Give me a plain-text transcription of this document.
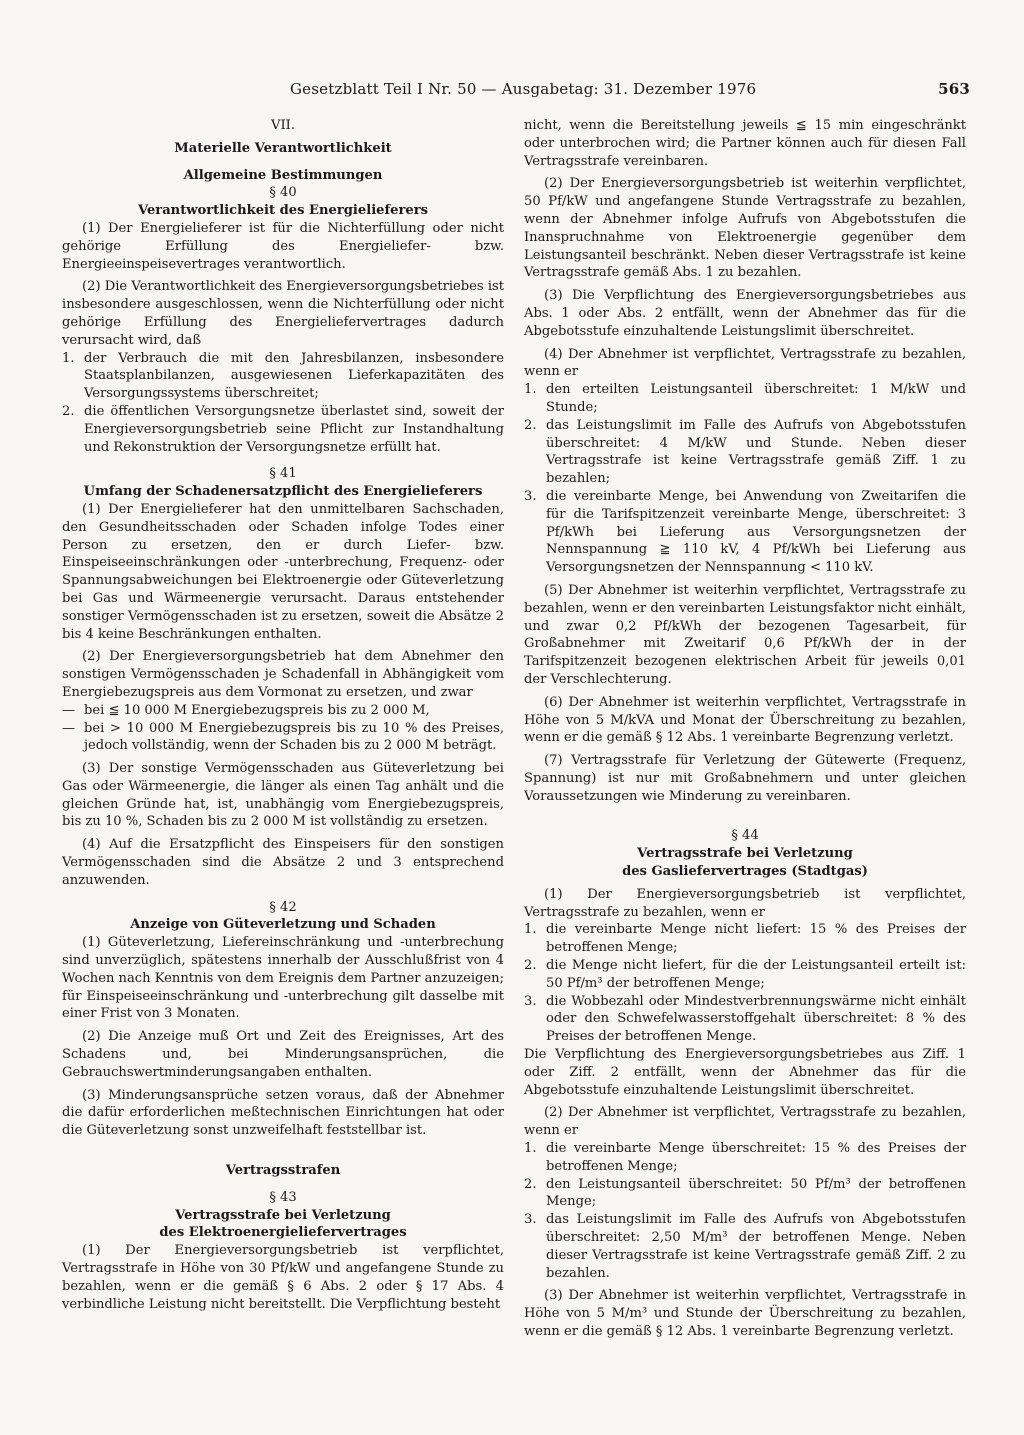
Gesetzblatt Teil I Nr. 50 — Ausgabetag: 31. Dezember 1976	563

VII.

Materielle Verantwortlichkeit

Allgemeine Bestimmungen

§ 40

Verantwortlichkeit des Energielieferers

(1) Der Energielieferer ist für die Nichterfüllung oder nicht gehörige Erfüllung des Energieliefer- bzw. Energieeinspeisevertrages verantwortlich.

(2) Die Verantwortlichkeit des Energieversorgungsbetriebes ist insbesondere ausgeschlossen, wenn die Nichterfüllung oder nicht gehörige Erfüllung des Energieliefervertrages dadurch verursacht wird, daß

1. der Verbrauch die mit den Jahresbilanzen, insbesondere Staatsplanbilanzen, ausgewiesenen Lieferkapazitäten des Versorgungssystems überschreitet;

2. die öffentlichen Versorgungsnetze überlastet sind, soweit der Energieversorgungsbetrieb seine Pflicht zur Instandhaltung und Rekonstruktion der Versorgungsnetze erfüllt hat.

§ 41

Umfang der Schadenersatzpflicht des Energielieferers

(1) Der Energielieferer hat den unmittelbaren Sachschaden, den Gesundheitsschaden oder Schaden infolge Todes einer Person zu ersetzen, den er durch Liefer- bzw. Einspeiseeinschränkungen oder -unterbrechung, Frequenz- oder Spannungsabweichungen bei Elektroenergie oder Güteverletzung bei Gas und Wärmeenergie verursacht. Daraus entstehender sonstiger Vermögensschaden ist zu ersetzen, soweit die Absätze 2 bis 4 keine Beschränkungen enthalten.

(2) Der Energieversorgungsbetrieb hat dem Abnehmer den sonstigen Vermögensschaden je Schadenfall in Abhängigkeit vom Energiebezugspreis aus dem Vormonat zu ersetzen, und zwar

— bei ≦ 10 000 M Energiebezugspreis bis zu 2 000 M,

— bei > 10 000 M Energiebezugspreis bis zu 10 % des Preises, jedoch vollständig, wenn der Schaden bis zu 2 000 M beträgt.

(3) Der sonstige Vermögensschaden aus Güteverletzung bei Gas oder Wärmeenergie, die länger als einen Tag anhält und die gleichen Gründe hat, ist, unabhängig vom Energiebezugspreis, bis zu 10 %, Schaden bis zu 2 000 M ist vollständig zu ersetzen.

(4) Auf die Ersatzpflicht des Einspeisers für den sonstigen Vermögensschaden sind die Absätze 2 und 3 entsprechend anzuwenden.

§ 42

Anzeige von Güteverletzung und Schaden

(1) Güteverletzung, Liefereinschränkung und -unterbrechung sind unverzüglich, spätestens innerhalb der Ausschlußfrist von 4 Wochen nach Kenntnis von dem Ereignis dem Partner anzuzeigen; für Einspeiseeinschränkung und -unterbrechung gilt dasselbe mit einer Frist von 3 Monaten.

(2) Die Anzeige muß Ort und Zeit des Ereignisses, Art des Schadens und, bei Minderungsansprüchen, die Gebrauchswertminderungsangaben enthalten.

(3) Minderungsansprüche setzen voraus, daß der Abnehmer die dafür erforderlichen meßtechnischen Einrichtungen hat oder die Güteverletzung sonst unzweifelhaft feststellbar ist.

Vertragsstrafen

§ 43

Vertragsstrafe bei Verletzung

des Elektroenergieliefervertrages

(1) Der Energieversorgungsbetrieb ist verpflichtet, Vertragsstrafe in Höhe von 30 Pf/kW und angefangene Stunde zu bezahlen, wenn er die gemäß § 6 Abs. 2 oder § 17 Abs. 4 verbindliche Leistung nicht bereitstellt. Die Verpflichtung besteht

nicht, wenn die Bereitstellung jeweils ≦ 15 min eingeschränkt oder unterbrochen wird; die Partner können auch für diesen Fall Vertragsstrafe vereinbaren.

(2) Der Energieversorgungsbetrieb ist weiterhin verpflichtet, 50 Pf/kW und angefangene Stunde Vertragsstrafe zu bezahlen, wenn der Abnehmer infolge Aufrufs von Abgebotsstufen die Inanspruchnahme von Elektroenergie gegenüber dem Leistungsanteil beschränkt. Neben dieser Vertragsstrafe ist keine Vertragsstrafe gemäß Abs. 1 zu bezahlen.

(3) Die Verpflichtung des Energieversorgungsbetriebes aus Abs. 1 oder Abs. 2 entfällt, wenn der Abnehmer das für die Abgebotsstufe einzuhaltende Leistungslimit überschreitet.

(4) Der Abnehmer ist verpflichtet, Vertragsstrafe zu bezahlen, wenn er

1. den erteilten Leistungsanteil überschreitet: 1 M/kW und Stunde;

2. das Leistungslimit im Falle des Aufrufs von Abgebotsstufen überschreitet: 4 M/kW und Stunde. Neben dieser Vertragsstrafe ist keine Vertragsstrafe gemäß Ziff. 1 zu bezahlen;

3. die vereinbarte Menge, bei Anwendung von Zweitarifen die für die Tarifspitzenzeit vereinbarte Menge, überschreitet: 3 Pf/kWh bei Lieferung aus Versorgungsnetzen der Nennspannung ≧ 110 kV, 4 Pf/kWh bei Lieferung aus Versorgungsnetzen der Nennspannung < 110 kV.

(5) Der Abnehmer ist weiterhin verpflichtet, Vertragsstrafe zu bezahlen, wenn er den vereinbarten Leistungsfaktor nicht einhält, und zwar 0,2 Pf/kWh der bezogenen Tagesarbeit, für Großabnehmer mit Zweitarif 0,6 Pf/kWh der in der Tarifspitzenzeit bezogenen elektrischen Arbeit für jeweils 0,01 der Verschlechterung.

(6) Der Abnehmer ist weiterhin verpflichtet, Vertragsstrafe in Höhe von 5 M/kVA und Monat der Überschreitung zu bezahlen, wenn er die gemäß § 12 Abs. 1 vereinbarte Begrenzung verletzt.

(7) Vertragsstrafe für Verletzung der Gütewerte (Frequenz, Spannung) ist nur mit Großabnehmern und unter gleichen Voraussetzungen wie Minderung zu vereinbaren.

§ 44

Vertragsstrafe bei Verletzung

des Gasliefervertrages (Stadtgas)

(1) Der Energieversorgungsbetrieb ist verpflichtet, Vertragsstrafe zu bezahlen, wenn er

1. die vereinbarte Menge nicht liefert: 15 % des Preises der betroffenen Menge;

2. die Menge nicht liefert, für die der Leistungsanteil erteilt ist: 50 Pf/m³ der betroffenen Menge;

3. die Wobbezahl oder Mindestverbrennungswärme nicht einhält oder den Schwefelwasserstoffgehalt überschreitet: 8 % des Preises der betroffenen Menge.

Die Verpflichtung des Energieversorgungsbetriebes aus Ziff. 1 oder Ziff. 2 entfällt, wenn der Abnehmer das für die Abgebotsstufe einzuhaltende Leistungslimit überschreitet.

(2) Der Abnehmer ist verpflichtet, Vertragsstrafe zu bezahlen, wenn er

1. die vereinbarte Menge überschreitet: 15 % des Preises der betroffenen Menge;

2. den Leistungsanteil überschreitet: 50 Pf/m³ der betroffenen Menge;

3. das Leistungslimit im Falle des Aufrufs von Abgebotsstufen überschreitet: 2,50 M/m³ der betroffenen Menge. Neben dieser Vertragsstrafe ist keine Vertragsstrafe gemäß Ziff. 2 zu bezahlen.

(3) Der Abnehmer ist weiterhin verpflichtet, Vertragsstrafe in Höhe von 5 M/m³ und Stunde der Überschreitung zu bezahlen, wenn er die gemäß § 12 Abs. 1 vereinbarte Begrenzung verletzt.
